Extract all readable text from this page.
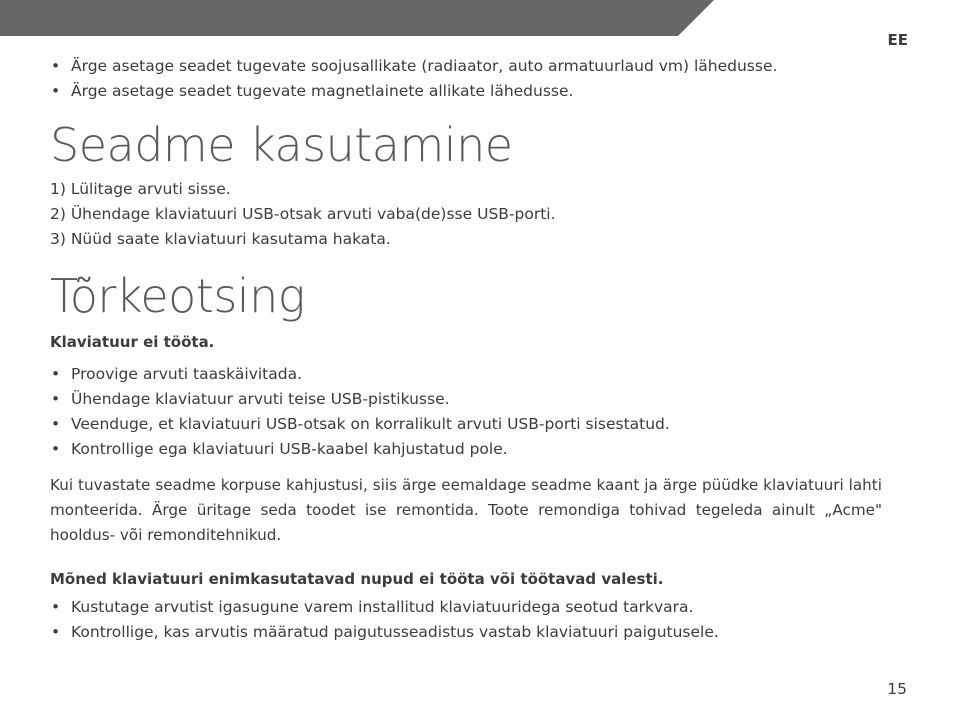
EE
• Ärge asetage seadet tugevate soojusallikate (radiaator, auto armatuurlaud vm) lähedusse.
• Ärge asetage seadet tugevate magnetlainete allikate lähedusse.
Seadme kasutamine
1) Lülitage arvuti sisse.
2) Ühendage klaviatuuri USB-otsak arvuti vaba(de)sse USB-porti.
3) Nüüd saate klaviatuuri kasutama hakata.
Tõrkeotsing
Klaviatuur ei tööta.
• Proovige arvuti taaskäivitada.
• Ühendage klaviatuur arvuti teise USB-pistikusse.
• Veenduge, et klaviatuuri USB-otsak on korralikult arvuti USB-porti sisestatud.
• Kontrollige ega klaviatuuri USB-kaabel kahjustatud pole.

Kui tuvastate seadme korpuse kahjustusi, siis ärge eemaldage seadme kaant ja ärge püüdke klaviatuuri lahti monteerida. Ärge üritage seda toodet ise remontida. Toote remondiga tohivad tegeleda ainult „Acme" hooldus- või remonditehnikud.

Mõned klaviatuuri enimkasutatavad nupud ei tööta või töötavad valesti.
• Kustutage arvutist igasugune varem installitud klaviatuuridega seotud tarkvara.
• Kontrollige, kas arvutis määratud paigutusseadistus vastab klaviatuuri paigutusele.
15
